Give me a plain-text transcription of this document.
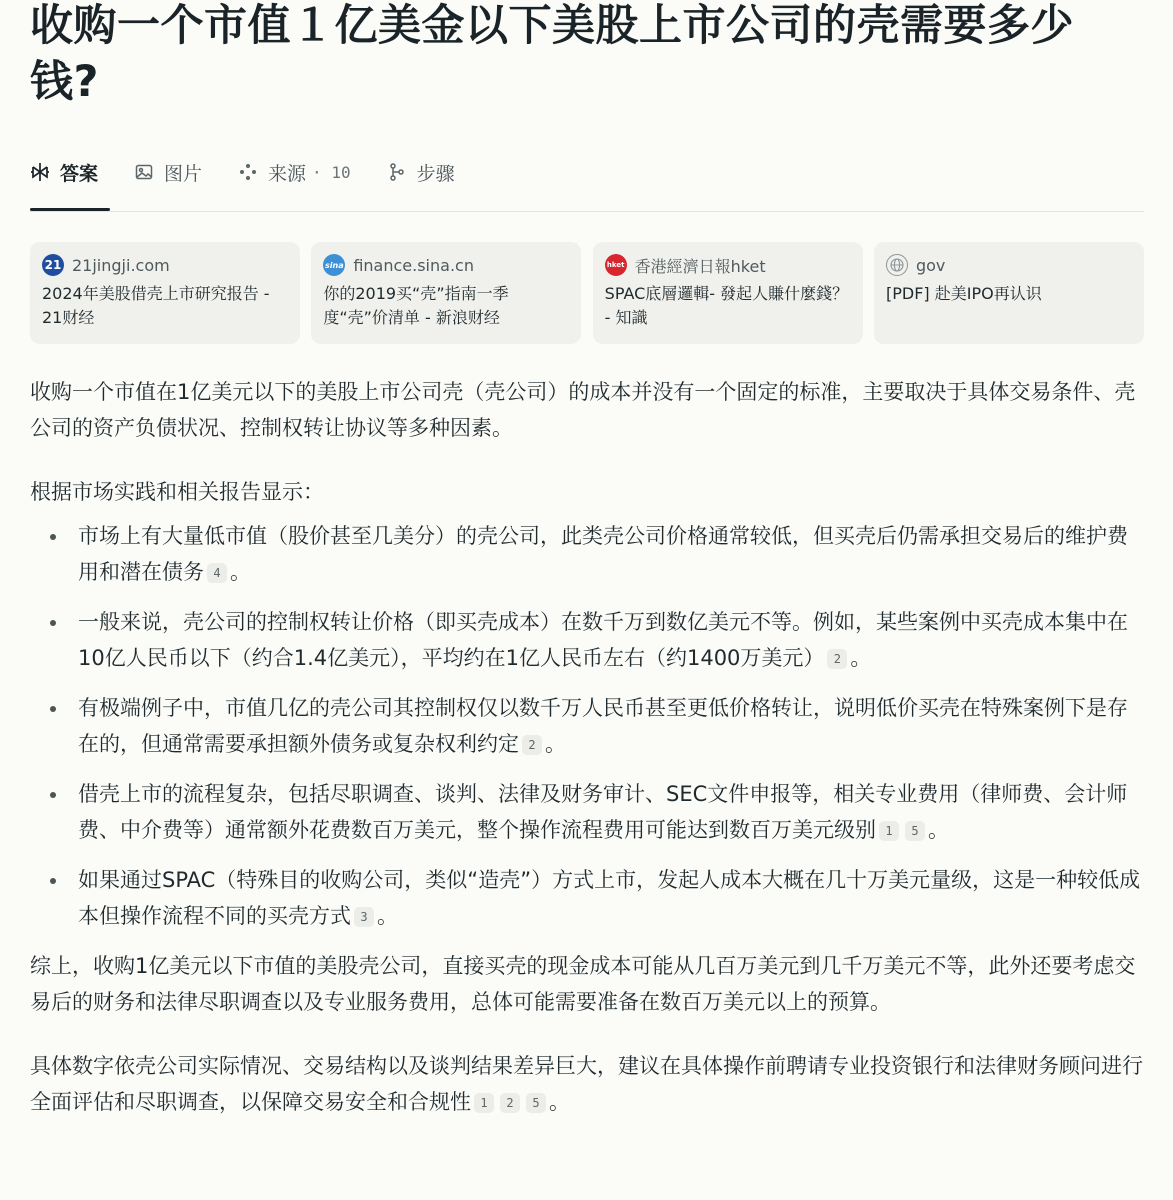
收购一个市值１亿美金以下美股上市公司的壳需要多少钱?
答案	图片	来源 · 10	步骤
21 21jingji.com
2024年美股借壳上市研究报告 - 21财经
sina finance.sina.cn
你的2019买“壳”指南一季度“壳”价清单 - 新浪财经
hket 香港經濟日報hket
SPAC底層邏輯- 發起人賺什麼錢？ - 知識
gov
[PDF] 赴美IPO再认识

收购一个市值在1亿美元以下的美股上市公司壳（壳公司）的成本并没有一个固定的标准，主要取决于具体交易条件、壳公司的资产负债状况、控制权转让协议等多种因素。

根据市场实践和相关报告显示：

市场上有大量低市值（股价甚至几美分）的壳公司，此类壳公司价格通常较低，但买壳后仍需承担交易后的维护费用和潜在债务 4 。
一般来说，壳公司的控制权转让价格（即买壳成本）在数千万到数亿美元不等。例如，某些案例中买壳成本集中在10亿人民币以下（约合1.4亿美元），平均约在1亿人民币左右（约1400万美元） 2 。
有极端例子中，市值几亿的壳公司其控制权仅以数千万人民币甚至更低价格转让，说明低价买壳在特殊案例下是存在的，但通常需要承担额外债务或复杂权利约定 2 。
借壳上市的流程复杂，包括尽职调查、谈判、法律及财务审计、SEC文件申报等，相关专业费用（律师费、会计师费、中介费等）通常额外花费数百万美元，整个操作流程费用可能达到数百万美元级别 1 5 。
如果通过SPAC（特殊目的收购公司，类似“造壳”）方式上市，发起人成本大概在几十万美元量级，这是一种较低成本但操作流程不同的买壳方式 3 。

综上，收购1亿美元以下市值的美股壳公司，直接买壳的现金成本可能从几百万美元到几千万美元不等，此外还要考虑交易后的财务和法律尽职调查以及专业服务费用，总体可能需要准备在数百万美元以上的预算。

具体数字依壳公司实际情况、交易结构以及谈判结果差异巨大，建议在具体操作前聘请专业投资银行和法律财务顾问进行全面评估和尽职调查，以保障交易安全和合规性 1 2 5 。
